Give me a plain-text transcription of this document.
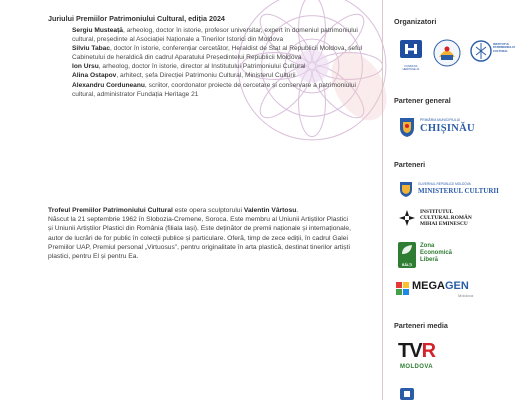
Juriului Premiilor Patrimoniului Cultural, ediția 2024
Sergiu Musteață, arheolog, doctor în istorie, profesor universitar, expert în domeniul patrimoniului cultural, președinte al Asociației Naționale a Tinerilor Istorici din Moldova
Silviu Tabac, doctor în istorie, conferențiar cercetător, Heraldist de Stat al Republicii Moldova, șeful Cabinetului de heraldică din cadrul Aparatului Președintelui Republicii Moldova
Ion Ursu, arheolog, doctor în istorie, director al Institutului Patrimoniului Cultural
Alina Ostapov, arhitect, șefa Direcției Patrimoniu Cultural, Ministerul Culturii
Alexandru Corduneanu, scriitor, coordonator proiecte de cercetare și conservare a patrimoniului cultural, administrator Fundația Heritage 21
Trofeul Premiilor Patrimoniului Cultural este opera sculptorului Valentin Vârtosu.
Născut la 21 septembrie 1962 în Slobozia-Cremene, Soroca. Este membru al Uniunii Artiștilor Plastici și Uniunii Artiștilor Plastici din România (filiala Iași). Este deținător de premii naționale și internaționale, autor de lucrări de for public în colecții publice și particulare. Oferă, timp de zece ediții, în cadrul Galei Premiilor UAP, Premiul personal „Virtuosus”, pentru originalitate în arta plastică, destinat tinerilor artiști plastici, pentru El și pentru Ea.
Organizatori
FUNDAȚIA HERITAGE 21
INSTITUTUL PATRIMONIULUI CULTURAL
Partener general
PRIMĂRIA MUNICIPIULUI
CHIȘINĂU
Parteneri
GUVERNUL REPUBLICII MOLDOVA
MINISTERUL CULTURII
INSTITUTUL
CULTURAL ROMÂN
MIHAI EMINESCU
BĂLȚI
Zona
Economică
Liberă
MEGAGEN
Moldova
Parteneri media
TVR
MOLDOVA
